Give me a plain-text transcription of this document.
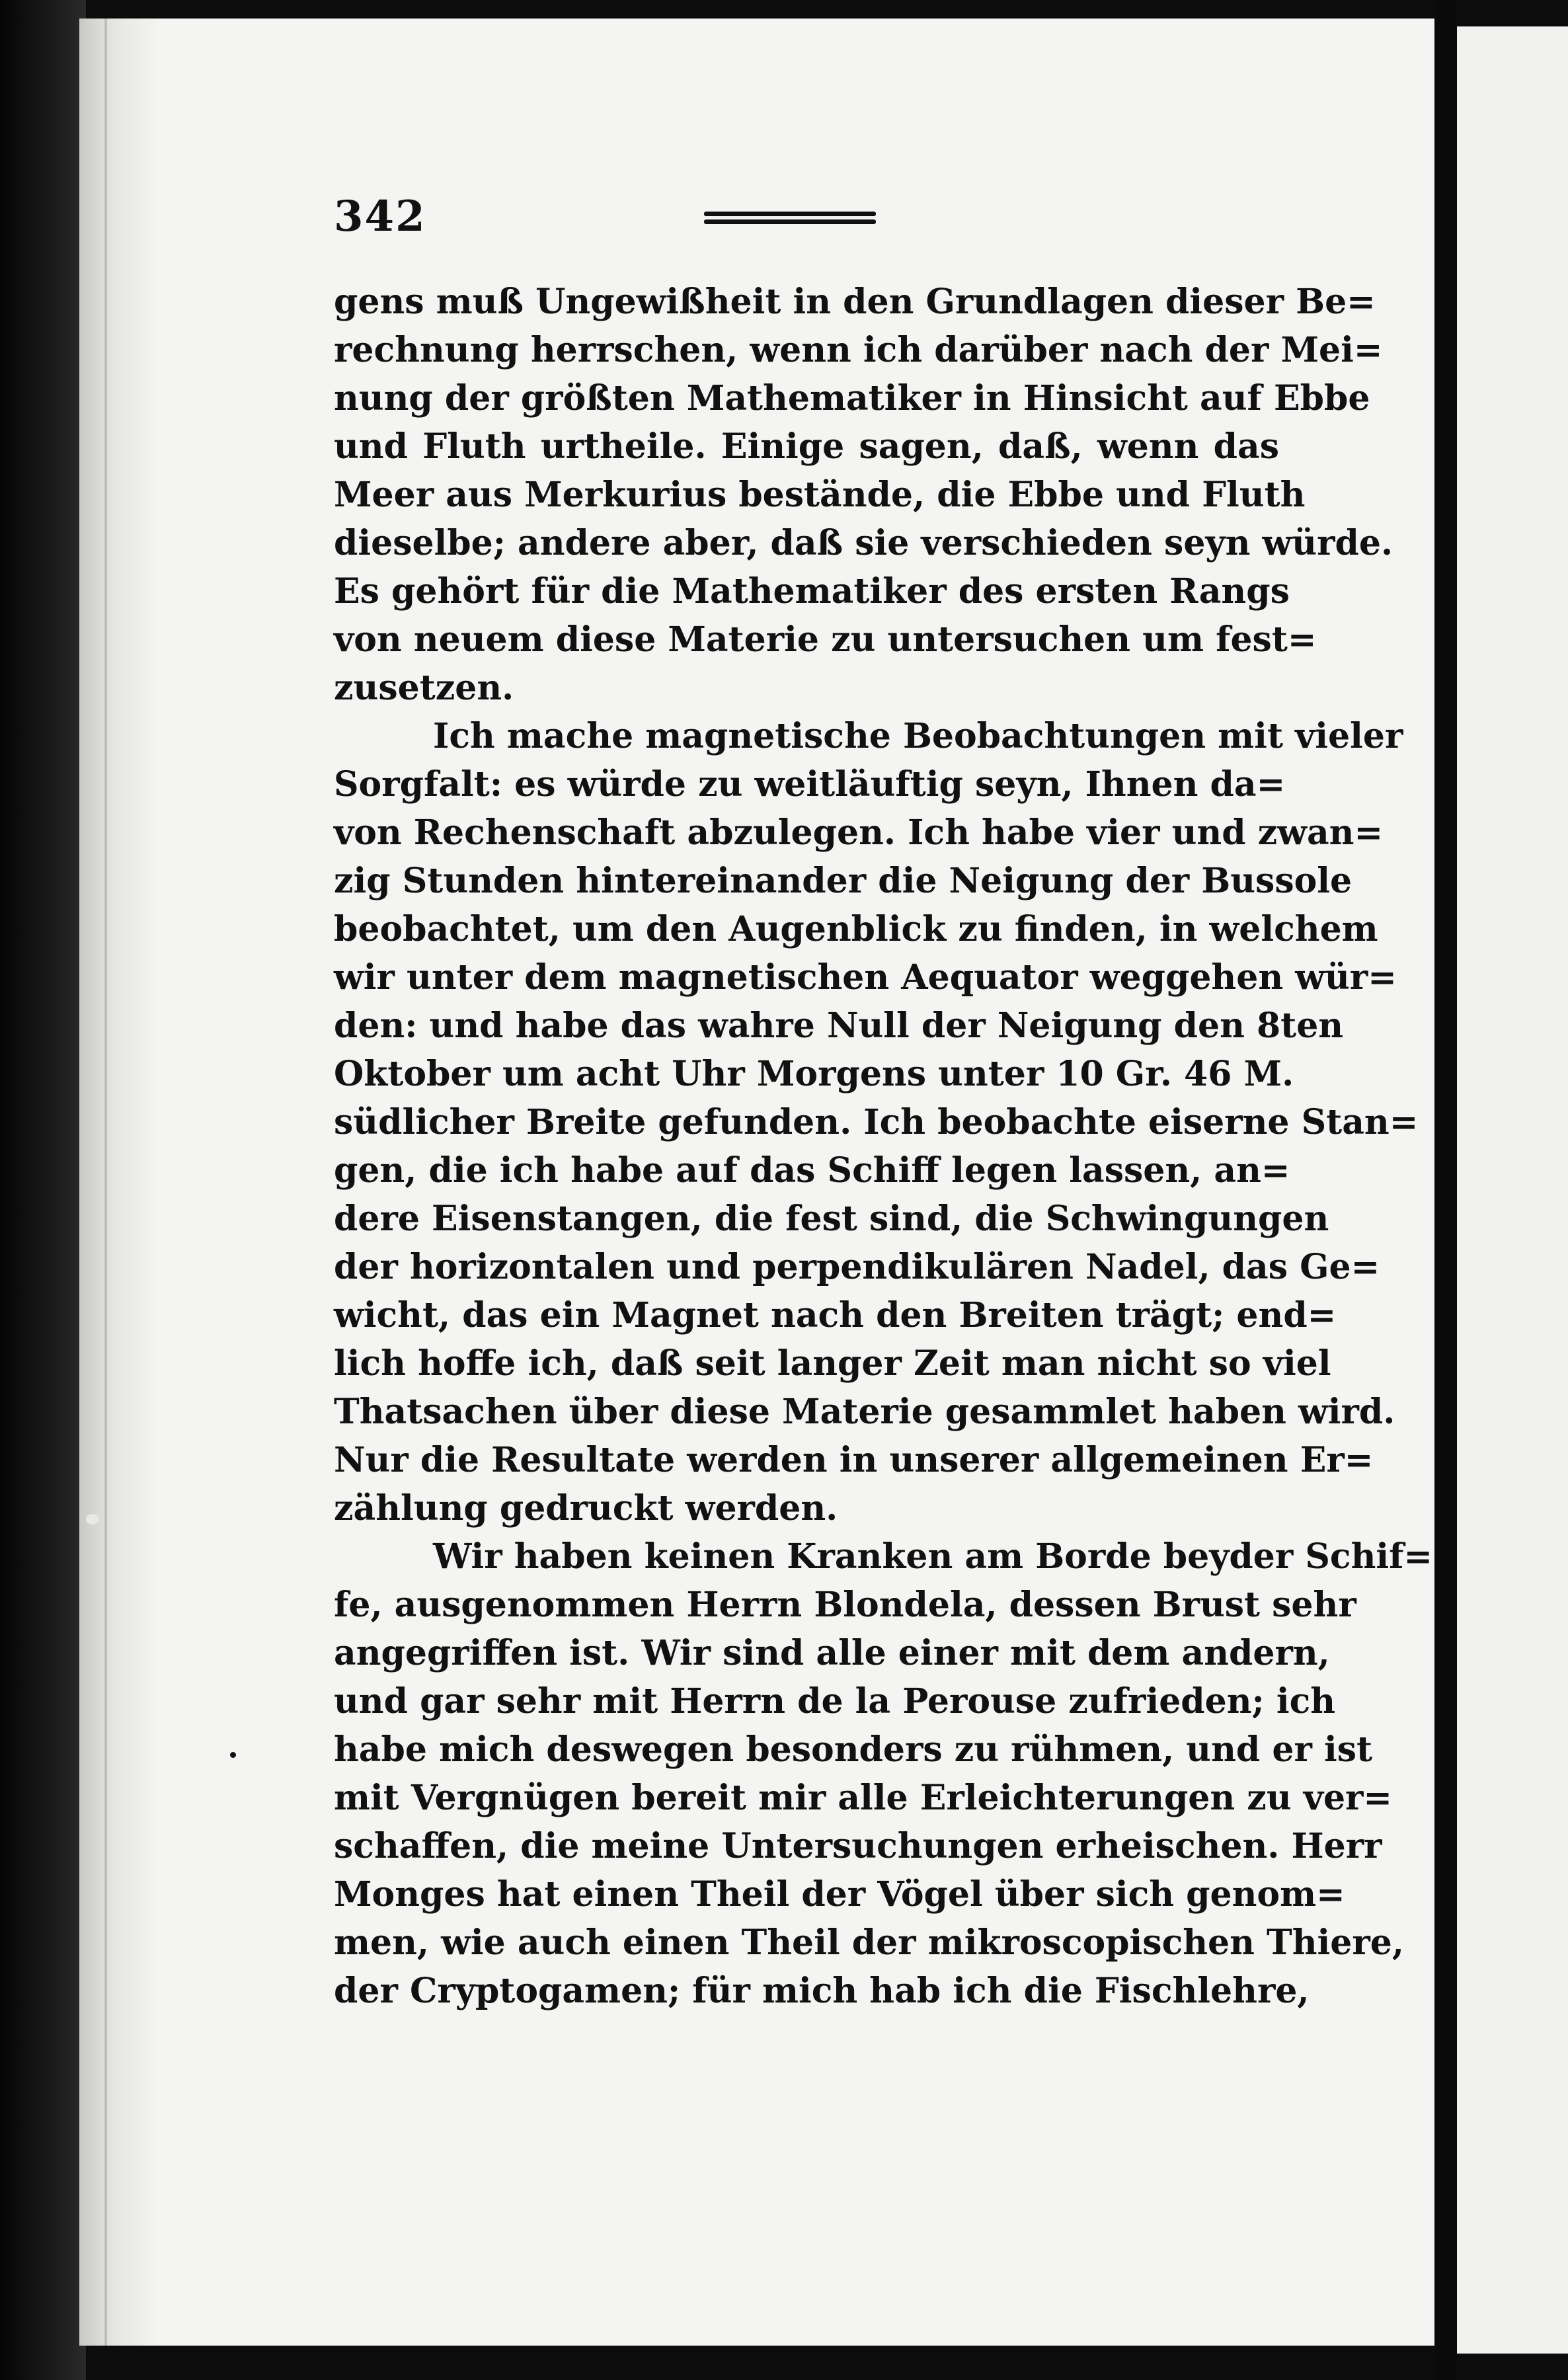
342
gens muß Ungewißheit in den Grundlagen dieser Be=
rechnung herrschen, wenn ich darüber nach der Mei=
nung der größten Mathematiker in Hinsicht auf Ebbe
und Fluth urtheile. Einige sagen, daß, wenn das
Meer aus Merkurius bestände, die Ebbe und Fluth
dieselbe; andere aber, daß sie verschieden seyn würde.
Es gehört für die Mathematiker des ersten Rangs
von neuem diese Materie zu untersuchen um fest=
zusetzen.
Ich mache magnetische Beobachtungen mit vieler
Sorgfalt: es würde zu weitläuftig seyn, Ihnen da=
von Rechenschaft abzulegen. Ich habe vier und zwan=
zig Stunden hintereinander die Neigung der Bussole
beobachtet, um den Augenblick zu finden, in welchem
wir unter dem magnetischen Aequator weggehen wür=
den: und habe das wahre Null der Neigung den 8ten
Oktober um acht Uhr Morgens unter 10 Gr. 46 M.
südlicher Breite gefunden. Ich beobachte eiserne Stan=
gen, die ich habe auf das Schiff legen lassen, an=
dere Eisenstangen, die fest sind, die Schwingungen
der horizontalen und perpendikulären Nadel, das Ge=
wicht, das ein Magnet nach den Breiten trägt; end=
lich hoffe ich, daß seit langer Zeit man nicht so viel
Thatsachen über diese Materie gesammlet haben wird.
Nur die Resultate werden in unserer allgemeinen Er=
zählung gedruckt werden.
Wir haben keinen Kranken am Borde beyder Schif=
fe, ausgenommen Herrn Blondela, dessen Brust sehr
angegriffen ist. Wir sind alle einer mit dem andern,
und gar sehr mit Herrn de la Perouse zufrieden; ich
habe mich deswegen besonders zu rühmen, und er ist
mit Vergnügen bereit mir alle Erleichterungen zu ver=
schaffen, die meine Untersuchungen erheischen. Herr
Monges hat einen Theil der Vögel über sich genom=
men, wie auch einen Theil der mikroscopischen Thiere,
der Cryptogamen; für mich hab ich die Fischlehre,
